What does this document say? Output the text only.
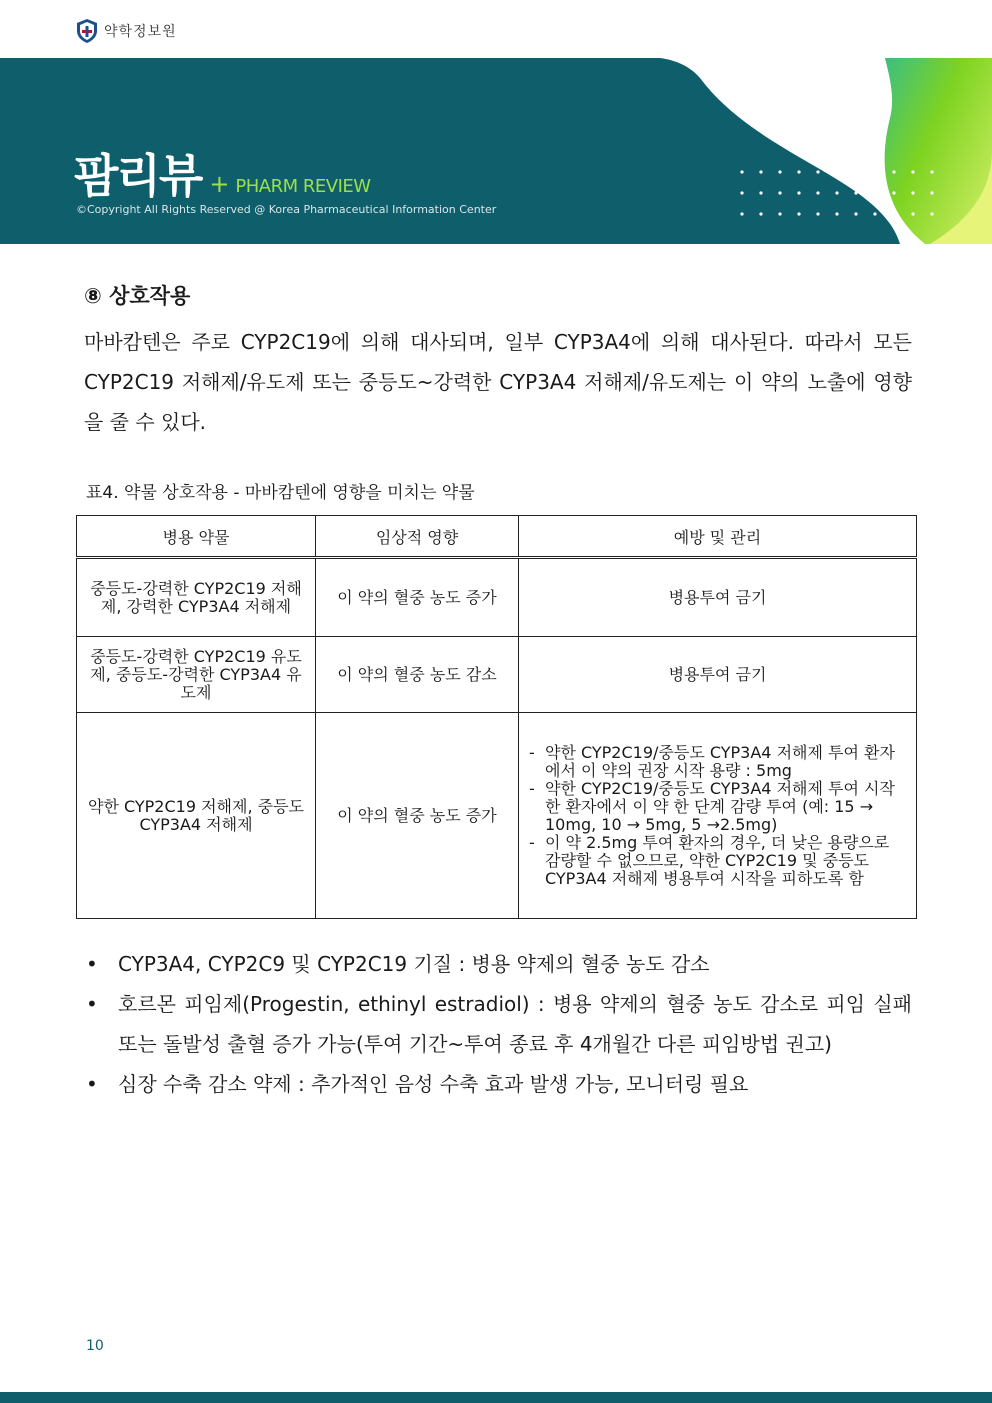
약학정보원
팜리뷰 + PHARM REVIEW
©Copyright All Rights Reserved @ Korea Pharmaceutical Information Center
⑧ 상호작용

마바캄텐은 주로 CYP2C19에 의해 대사되며, 일부 CYP3A4에 의해 대사된다. 따라서 모든 CYP2C19 저해제/유도제 또는 중등도~강력한 CYP3A4 저해제/유도제는 이 약의 노출에 영향을 줄 수 있다.

표4. 약물 상호작용 - 마바캄텐에 영향을 미치는 약물
병용 약물	임상적 영향	예방 및 관리
중등도-강력한 CYP2C19 저해제, 강력한 CYP3A4 저해제	이 약의 혈중 농도 증가	병용투여 금기
중등도-강력한 CYP2C19 유도제, 중등도-강력한 CYP3A4 유도제	이 약의 혈중 농도 감소	병용투여 금기
약한 CYP2C19 저해제, 중등도 CYP3A4 저해제	이 약의 혈중 농도 증가	- 약한 CYP2C19/중등도 CYP3A4 저해제 투여 환자에서 이 약의 권장 시작 용량 : 5mg
- 약한 CYP2C19/중등도 CYP3A4 저해제 투여 시작한 환자에서 이 약 한 단계 감량 투여 (예: 15 → 10mg, 10 → 5mg, 5 →2.5mg)
- 이 약 2.5mg 투여 환자의 경우, 더 낮은 용량으로 감량할 수 없으므로, 약한 CYP2C19 및 중등도 CYP3A4 저해제 병용투여 시작을 피하도록 함
• CYP3A4, CYP2C9 및 CYP2C19 기질 : 병용 약제의 혈중 농도 감소
• 호르몬 피임제(Progestin, ethinyl estradiol) : 병용 약제의 혈중 농도 감소로 피임 실패 또는 돌발성 출혈 증가 가능(투여 기간~투여 종료 후 4개월간 다른 피임방법 권고)
• 심장 수축 감소 약제 : 추가적인 음성 수축 효과 발생 가능, 모니터링 필요
10
